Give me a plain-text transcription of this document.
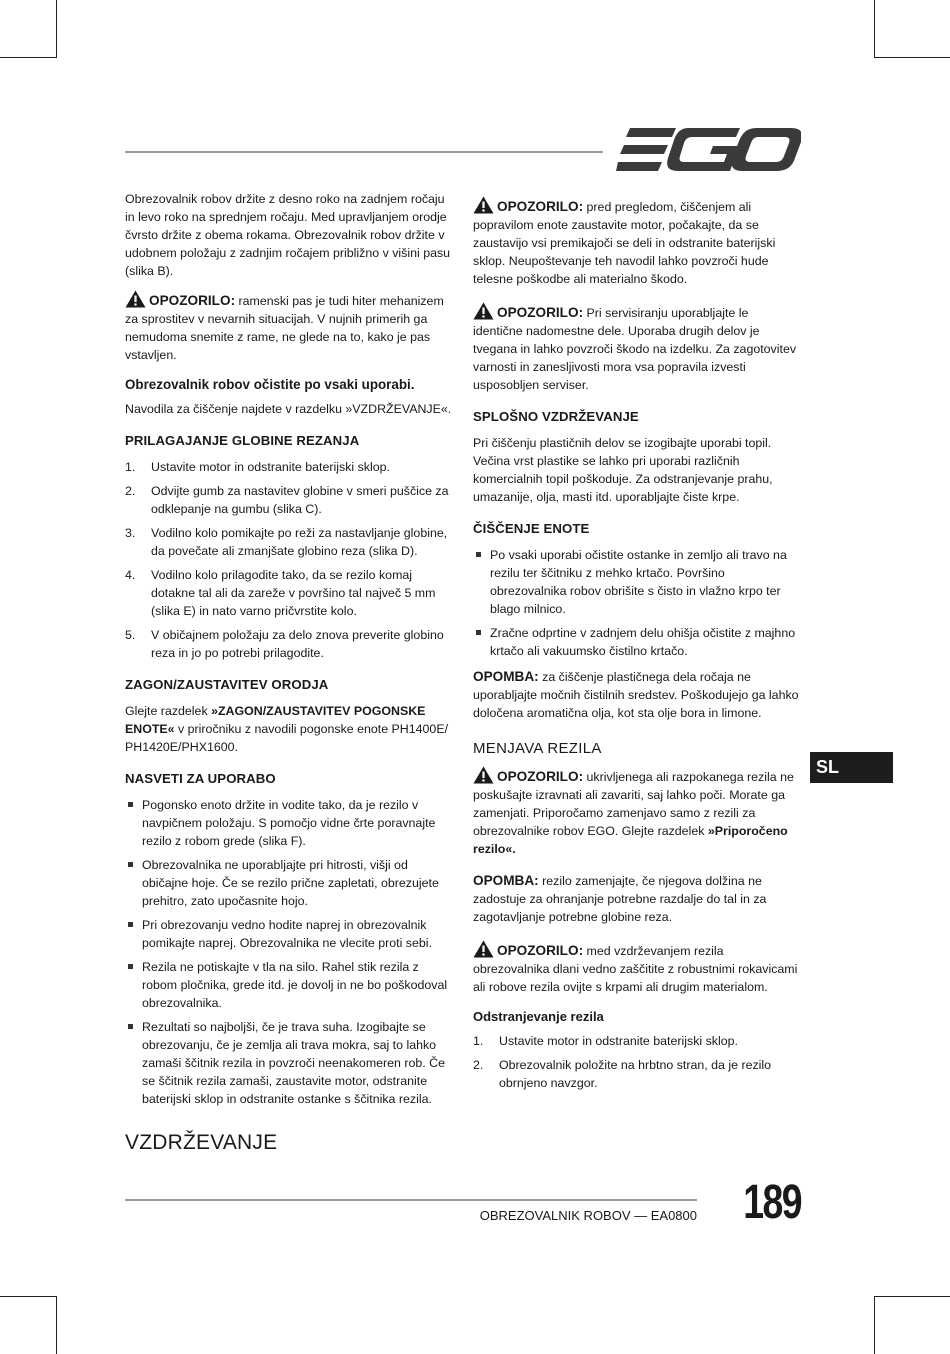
Obrezovalnik robov držite z desno roko na zadnjem ročaju in levo roko na sprednjem ročaju. Med upravljanjem orodje čvrsto držite z obema rokama. Obrezovalnik robov držite v udobnem položaju z zadnjim ročajem približno v višini pasu (slika B).

OPOZORILO: ramenski pas je tudi hiter mehanizem za sprostitev v nevarnih situacijah. V nujnih primerih ga nemudoma snemite z rame, ne glede na to, kako je pas vstavljen.

Obrezovalnik robov očistite po vsaki uporabi.

Navodila za čiščenje najdete v razdelku »VZDRŽEVANJE«.

PRILAGAJANJE GLOBINE REZANJA
1. Ustavite motor in odstranite baterijski sklop.
2. Odvijte gumb za nastavitev globine v smeri puščice za odklepanje na gumbu (slika C).
3. Vodilno kolo pomikajte po reži za nastavljanje globine, da povečate ali zmanjšate globino reza (slika D).
4. Vodilno kolo prilagodite tako, da se rezilo komaj dotakne tal ali da zareže v površino tal največ 5 mm (slika E) in nato varno pričvrstite kolo.
5. V običajnem položaju za delo znova preverite globino reza in jo po potrebi prilagodite.
ZAGON/ZAUSTAVITEV ORODJA

Glejte razdelek »ZAGON/ZAUSTAVITEV POGONSKE ENOTE« v priročniku z navodili pogonske enote PH1400E/ PH1420E/PHX1600.

NASVETI ZA UPORABO
Pogonsko enoto držite in vodite tako, da je rezilo v navpičnem položaju. S pomočjo vidne črte poravnajte rezilo z robom grede (slika F).
Obrezovalnika ne uporabljajte pri hitrosti, višji od običajne hoje. Če se rezilo prične zapletati, obrezujete prehitro, zato upočasnite hojo.
Pri obrezovanju vedno hodite naprej in obrezovalnik pomikajte naprej. Obrezovalnika ne vlecite proti sebi.
Rezila ne potiskajte v tla na silo. Rahel stik rezila z robom pločnika, grede itd. je dovolj in ne bo poškodoval obrezovalnika.
Rezultati so najboljši, če je trava suha. Izogibajte se obrezovanju, če je zemlja ali trava mokra, saj to lahko zamaši ščitnik rezila in povzroči neenakomeren rob. Če se ščitnik rezila zamaši, zaustavite motor, odstranite baterijski sklop in odstranite ostanke s ščitnika rezila.
VZDRŽEVANJE

OPOZORILO: pred pregledom, čiščenjem ali popravilom enote zaustavite motor, počakajte, da se zaustavijo vsi premikajoči se deli in odstranite baterijski sklop. Neupoštevanje teh navodil lahko povzroči hude telesne poškodbe ali materialno škodo.

OPOZORILO: Pri servisiranju uporabljajte le identične nadomestne dele. Uporaba drugih delov je tvegana in lahko povzroči škodo na izdelku. Za zagotovitev varnosti in zanesljivosti mora vsa popravila izvesti usposobljen serviser.

SPLOŠNO VZDRŽEVANJE

Pri čiščenju plastičnih delov se izogibajte uporabi topil. Večina vrst plastike se lahko pri uporabi različnih komercialnih topil poškoduje. Za odstranjevanje prahu, umazanije, olja, masti itd. uporabljajte čiste krpe.

ČIŠČENJE ENOTE
Po vsaki uporabi očistite ostanke in zemljo ali travo na rezilu ter ščitniku z mehko krtačo. Površino obrezovalnika robov obrišite s čisto in vlažno krpo ter blago milnico.
Zračne odprtine v zadnjem delu ohišja očistite z majhno krtačo ali vakuumsko čistilno krtačo.

OPOMBA: za čiščenje plastičnega dela ročaja ne uporabljajte močnih čistilnih sredstev. Poškodujejo ga lahko določena aromatična olja, kot sta olje bora in limone.

MENJAVA REZILA

OPOZORILO: ukrivljenega ali razpokanega rezila ne poskušajte izravnati ali zavariti, saj lahko poči. Morate ga zamenjati. Priporočamo zamenjavo samo z rezili za obrezovalnike robov EGO. Glejte razdelek »Priporočeno rezilo«.

OPOMBA: rezilo zamenjajte, če njegova dolžina ne zadostuje za ohranjanje potrebne razdalje do tal in za zagotavljanje potrebne globine reza.

OPOZORILO: med vzdrževanjem rezila obrezovalnika dlani vedno zaščitite z robustnimi rokavicami ali robove rezila ovijte s krpami ali drugim materialom.

Odstranjevanje rezila
1. Ustavite motor in odstranite baterijski sklop.
2. Obrezovalnik položite na hrbtno stran, da je rezilo obrnjeno navzgor.
SL
OBREZOVALNIK ROBOV — EA0800 189
